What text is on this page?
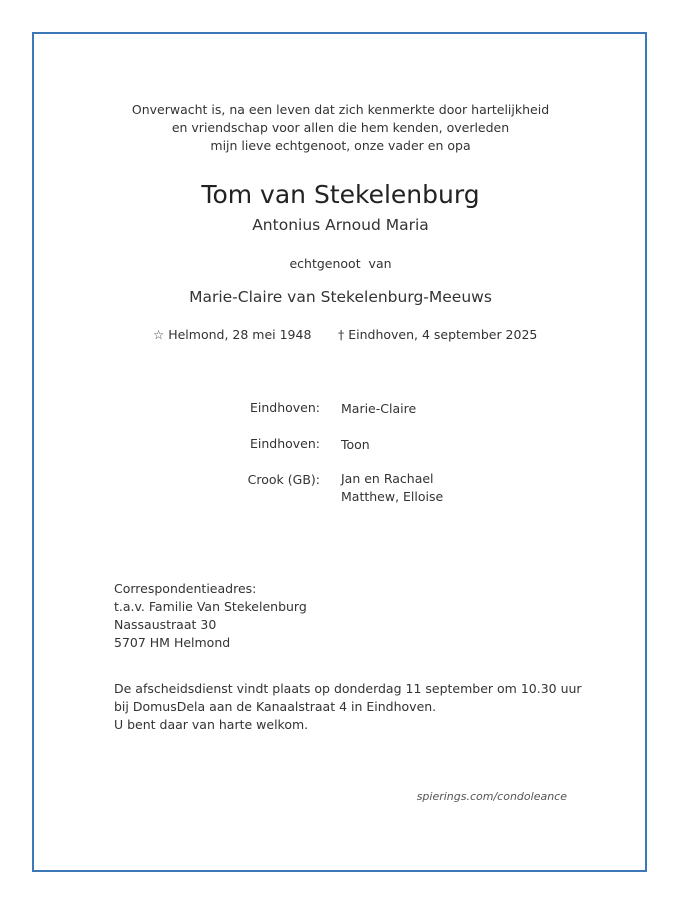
Onverwacht is, na een leven dat zich kenmerkte door hartelijkheid
en vriendschap voor allen die hem kenden, overleden
mijn lieve echtgenoot, onze vader en opa
Tom van Stekelenburg
Antonius Arnoud Maria
echtgenoot  van
Marie-Claire van Stekelenburg-Meeuws
☆ Helmond, 28 mei 1948 † Eindhoven, 4 september 2025
Eindhoven: Marie-Claire
Eindhoven: Toon
Crook (GB): Jan en Rachael
Matthew, Elloise
Correspondentieadres:
t.a.v. Familie Van Stekelenburg
Nassaustraat 30
5707 HM Helmond
De afscheidsdienst vindt plaats op donderdag 11 september om 10.30 uur
bij DomusDela aan de Kanaalstraat 4 in Eindhoven.
U bent daar van harte welkom.
spierings.com/condoleance
